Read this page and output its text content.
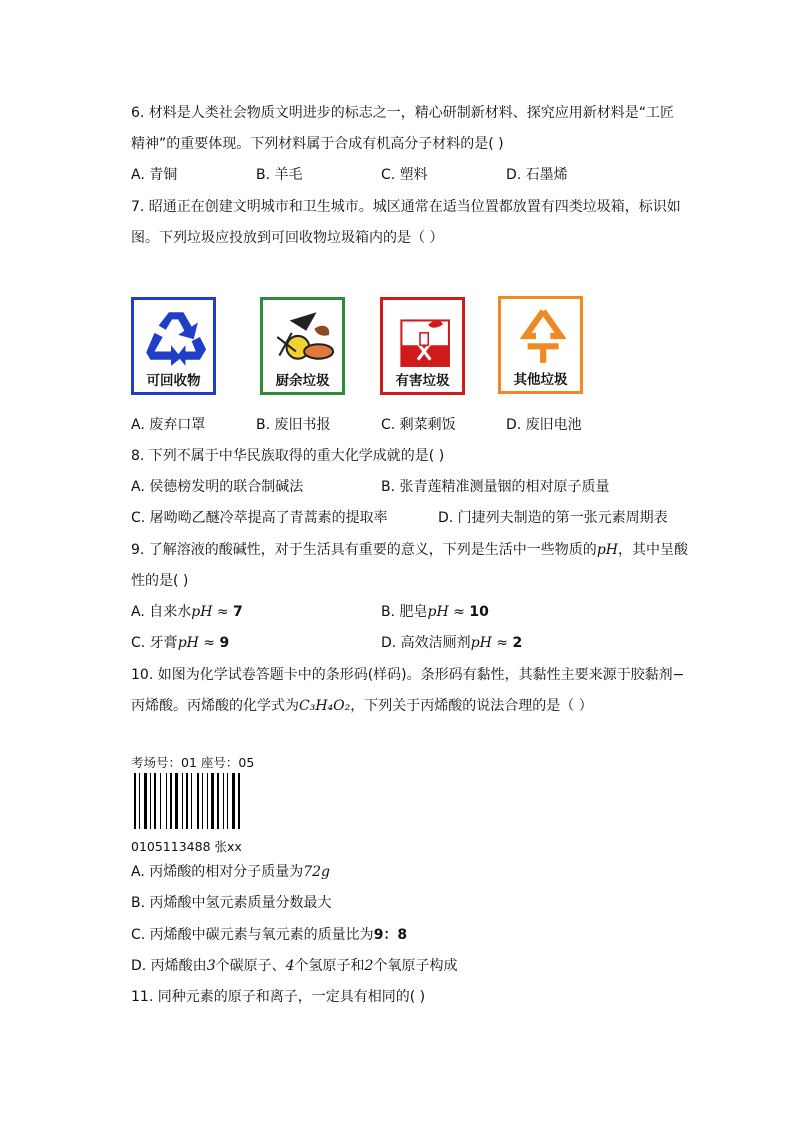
6. 材料是人类社会物质文明进步的标志之一，精心研制新材料、探究应用新材料是“工匠
精神”的重要体现。下列材料属于合成有机高分子材料的是( )
A. 青铜	B. 羊毛	C. 塑料	D. 石墨烯
7. 昭通正在创建文明城市和卫生城市。城区通常在适当位置都放置有四类垃圾箱，标识如
图。下列垃圾应投放到可回收物垃圾箱内的是（ ）
可回收物	厨余垃圾	有害垃圾	其他垃圾
A. 废弃口罩	B. 废旧书报	C. 剩菜剩饭	D. 废旧电池
8. 下列不属于中华民族取得的重大化学成就的是( )
A. 侯德榜发明的联合制碱法	B. 张青莲精准测量铟的相对原子质量
C. 屠呦呦乙醚冷萃提高了青蒿素的提取率	D. 门捷列夫制造的第一张元素周期表
9. 了解溶液的酸碱性，对于生活具有重要的意义，下列是生活中一些物质的pH，其中呈酸
性的是( )
A. 自来水pH ≈ 7	B. 肥皂pH ≈ 10
C. 牙膏pH ≈ 9	D. 高效洁厕剂pH ≈ 2
10. 如图为化学试卷答题卡中的条形码(样码)。条形码有黏性，其黏性主要来源于胶黏剂−
丙烯酸。丙烯酸的化学式为C₃H₄O₂，下列关于丙烯酸的说法合理的是（ ）
考场号：01 座号：05
0105113488 张xx
A. 丙烯酸的相对分子质量为72g
B. 丙烯酸中氢元素质量分数最大
C. 丙烯酸中碳元素与氧元素的质量比为9：8
D. 丙烯酸由3个碳原子、4个氢原子和2个氧原子构成
11. 同种元素的原子和离子，一定具有相同的( )
